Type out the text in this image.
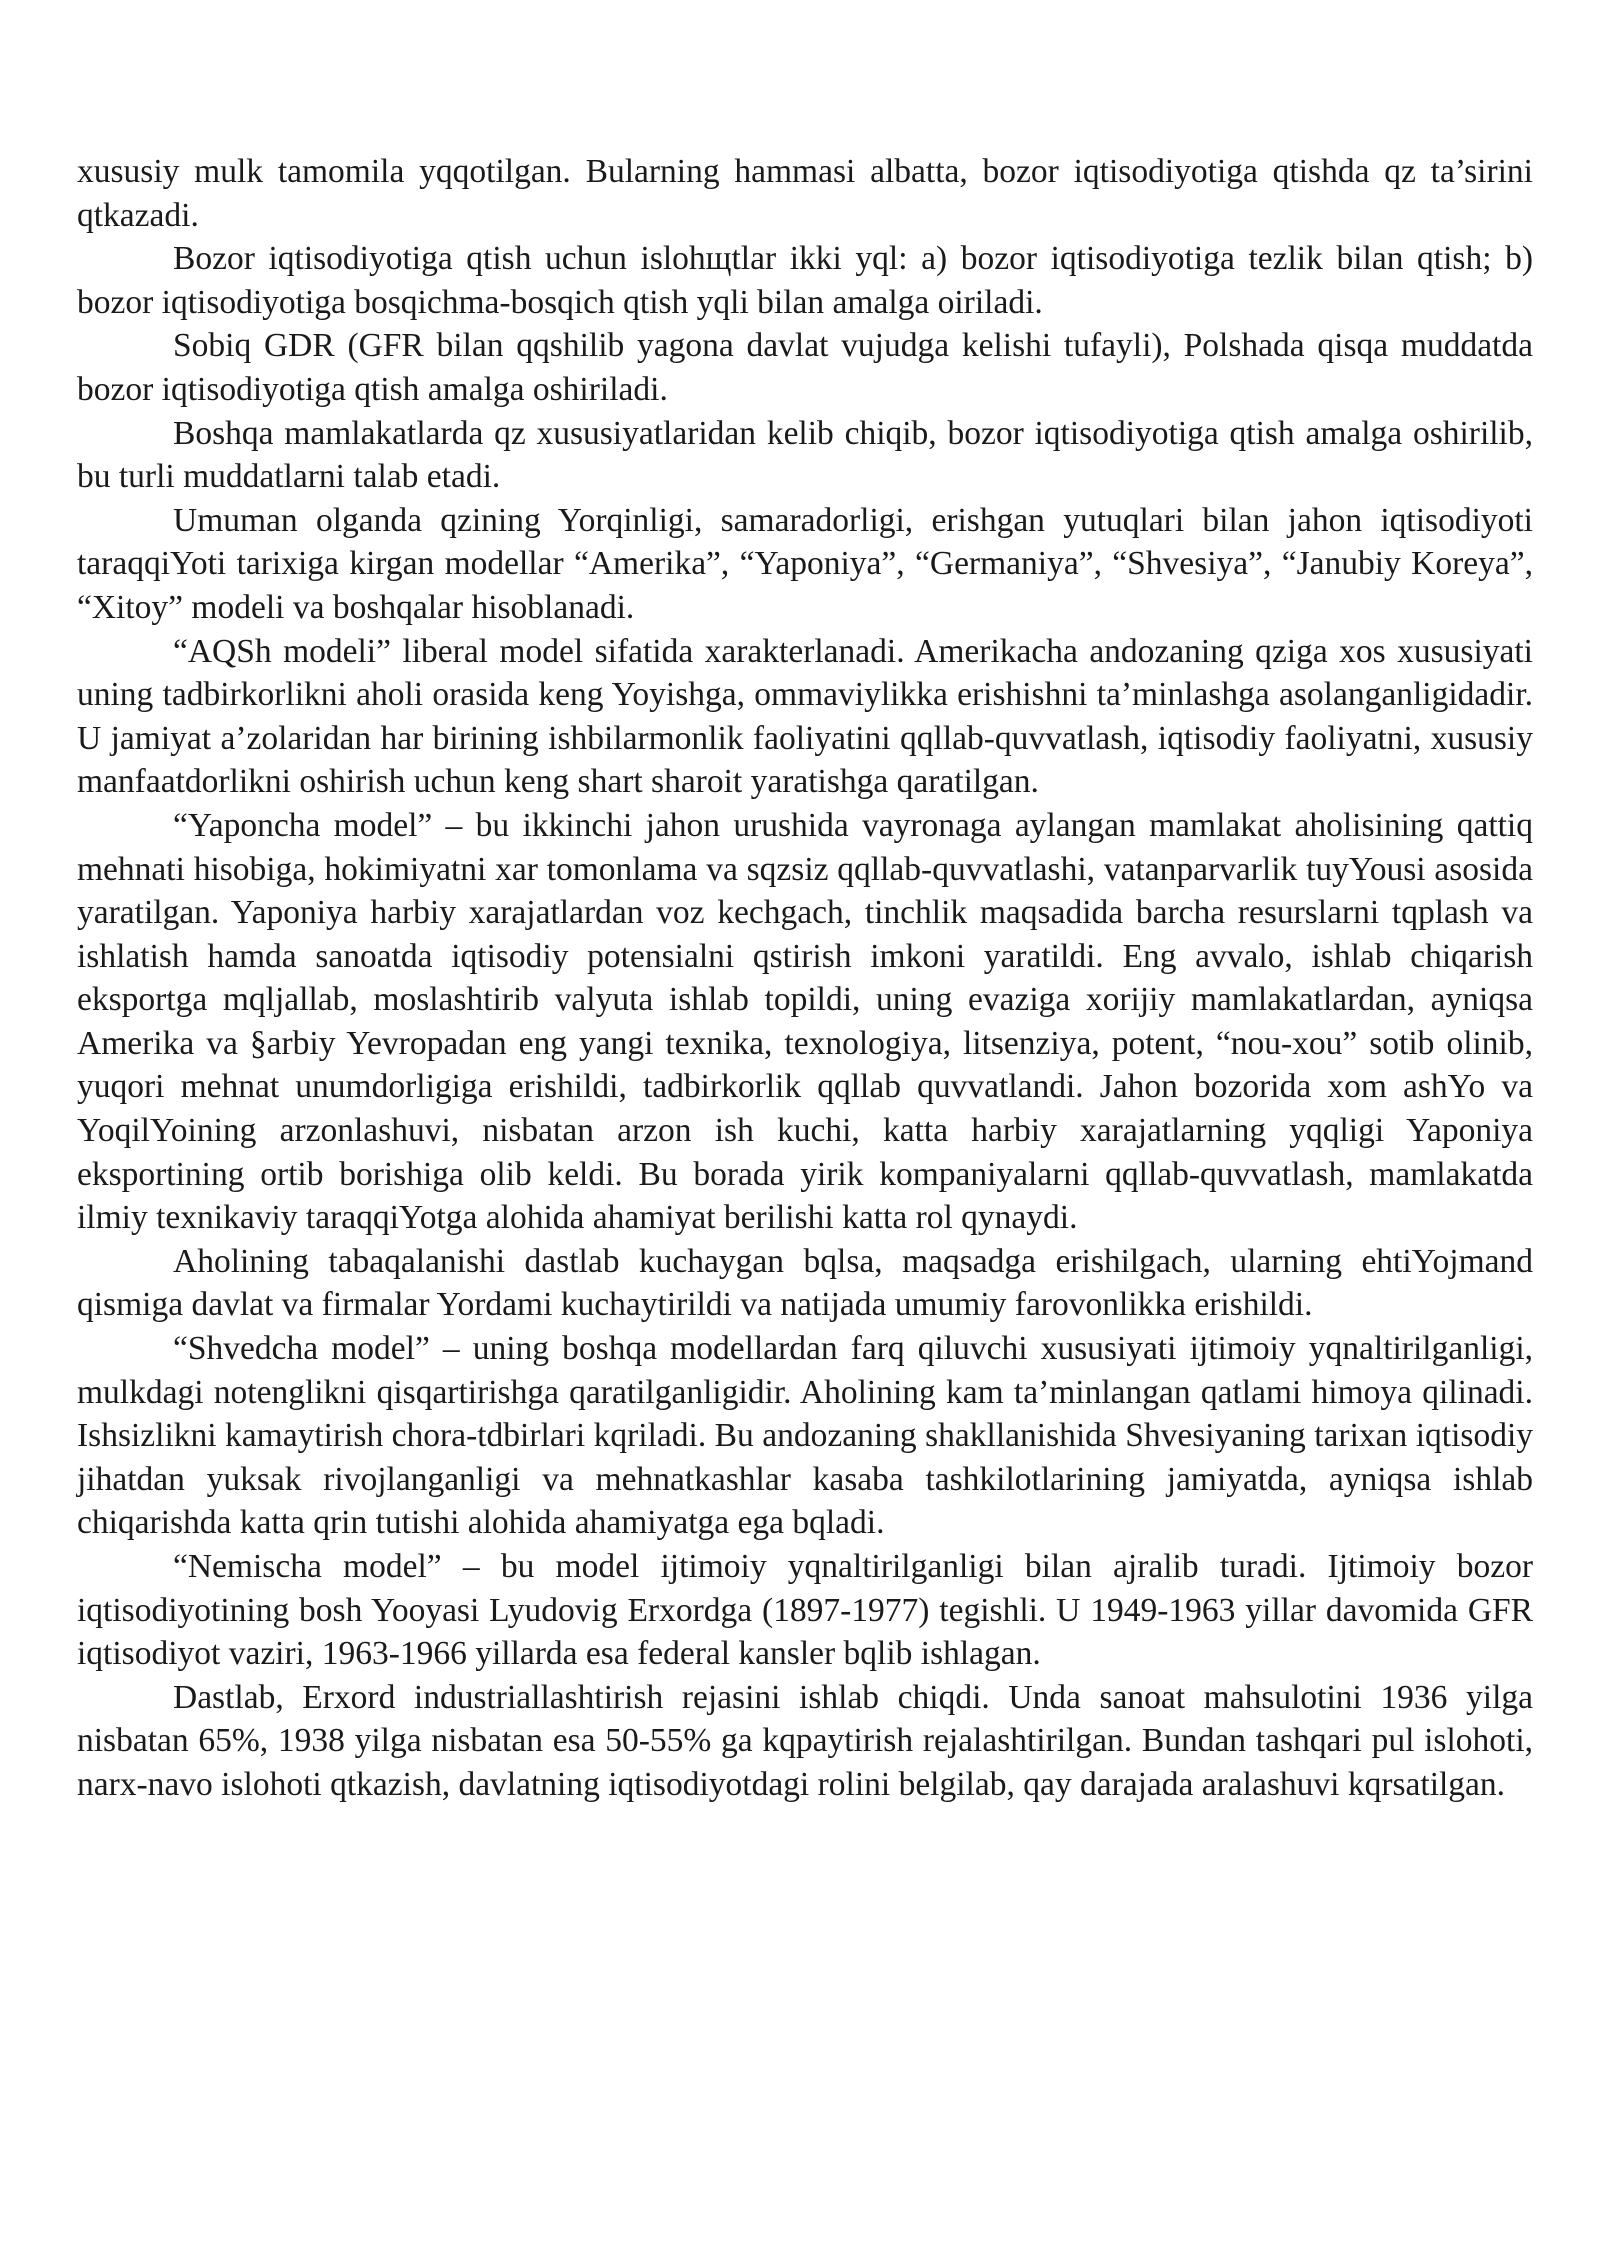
xususiy mulk tamomila yqqotilgan. Bularning hammasi albatta, bozor iqtisodiyotiga qtishda qz ta’sirini qtkazadi.

Bozor iqtisodiyotiga qtish uchun islohщtlar ikki yql: a) bozor iqtisodiyotiga tezlik bilan qtish; b) bozor iqtisodiyotiga bosqichma-bosqich qtish yqli bilan amalga oiriladi.

Sobiq GDR (GFR bilan qqshilib yagona davlat vujudga kelishi tufayli), Polshada qisqa muddatda bozor iqtisodiyotiga qtish amalga oshiriladi.

Boshqa mamlakatlarda qz xususiyatlaridan kelib chiqib, bozor iqtisodiyotiga qtish amalga oshirilib, bu turli muddatlarni talab etadi.

Umuman olganda qzining Yorqinligi, samaradorligi, erishgan yutuqlari bilan jahon iqtisodiyoti taraqqiYoti tarixiga kirgan modellar “Amerika”, “Yaponiya”, “Germaniya”, “Shvesiya”, “Janubiy Koreya”, “Xitoy” modeli va boshqalar hisoblanadi.

“AQSh modeli” liberal model sifatida xarakterlanadi. Amerikacha andozaning qziga xos xususiyati uning tadbirkorlikni aholi orasida keng Yoyishga, ommaviylikka erishishni ta’minlashga asolanganligidadir. U jamiyat a’zolaridan har birining ishbilarmonlik faoliyatini qqllab-quvvatlash, iqtisodiy faoliyatni, xususiy manfaatdorlikni oshirish uchun keng shart sharoit yaratishga qaratilgan.

“Yaponcha model” – bu ikkinchi jahon urushida vayronaga aylangan mamlakat aholisining qattiq mehnati hisobiga, hokimiyatni xar tomonlama va sqzsiz qqllab-quvvatlashi, vatanparvarlik tuyYousi asosida yaratilgan. Yaponiya harbiy xarajatlardan voz kechgach, tinchlik maqsadida barcha resurslarni tqplash va ishlatish hamda sanoatda iqtisodiy potensialni qstirish imkoni yaratildi. Eng avvalo, ishlab chiqarish eksportga mqljallab, moslashtirib valyuta ishlab topildi, uning evaziga xorijiy mamlakatlardan, ayniqsa Amerika va §arbiy Yevropadan eng yangi texnika, texnologiya, litsenziya, potent, “nou-xou” sotib olinib, yuqori mehnat unumdorligiga erishildi, tadbirkorlik qqllab quvvatlandi. Jahon bozorida xom ashYo va YoqilYoining arzonlashuvi, nisbatan arzon ish kuchi, katta harbiy xarajatlarning yqqligi Yaponiya eksportining ortib borishiga olib keldi. Bu borada yirik kompaniyalarni qqllab-quvvatlash, mamlakatda ilmiy texnikaviy taraqqiYotga alohida ahamiyat berilishi katta rol qynaydi.

Aholining tabaqalanishi dastlab kuchaygan bqlsa, maqsadga erishilgach, ularning ehtiYojmand qismiga davlat va firmalar Yordami kuchaytirildi va natijada umumiy farovonlikka erishildi.

“Shvedcha model” – uning boshqa modellardan farq qiluvchi xususiyati ijtimoiy yqnaltirilganligi, mulkdagi notenglikni qisqartirishga qaratilganligidir. Aholining kam ta’minlangan qatlami himoya qilinadi. Ishsizlikni kamaytirish chora-tdbirlari kqriladi. Bu andozaning shakllanishida Shvesiyaning tarixan iqtisodiy jihatdan yuksak rivojlanganligi va mehnatkashlar kasaba tashkilotlarining jamiyatda, ayniqsa ishlab chiqarishda katta qrin tutishi alohida ahamiyatga ega bqladi.

“Nemischa model” – bu model ijtimoiy yqnaltirilganligi bilan ajralib turadi. Ijtimoiy bozor iqtisodiyotining bosh Yooyasi Lyudovig Erxordga (1897-1977) tegishli. U 1949-1963 yillar davomida GFR iqtisodiyot vaziri, 1963-1966 yillarda esa federal kansler bqlib ishlagan.

Dastlab, Erxord industriallashtirish rejasini ishlab chiqdi. Unda sanoat mahsulotini 1936 yilga nisbatan 65%, 1938 yilga nisbatan esa 50-55% ga kqpaytirish rejalashtirilgan. Bundan tashqari pul islohoti, narx-navo islohoti qtkazish, davlatning iqtisodiyotdagi rolini belgilab, qay darajada aralashuvi kqrsatilgan.
